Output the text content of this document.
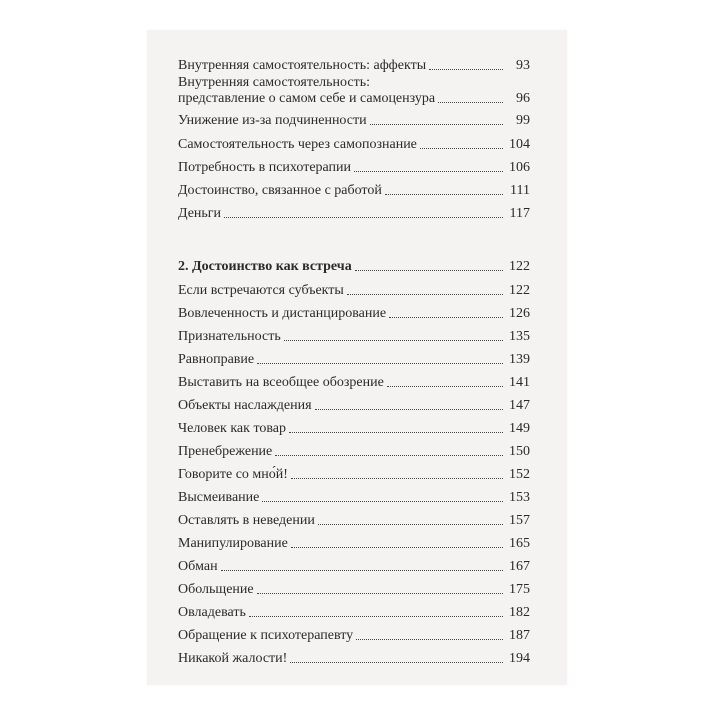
Внутренняя самостоятельность: аффекты	93
Внутренняя самостоятельность:
представление о самом себе и самоцензура	96
Унижение из-за подчиненности	99
Самостоятельность через самопознание	104
Потребность в психотерапии	106
Достоинство, связанное с работой	111
Деньги	117
2. Достоинство как встреча	122
Если встречаются субъекты	122
Вовлеченность и дистанцирование	126
Признательность	135
Равноправие	139
Выставить на всеобщее обозрение	141
Объекты наслаждения	147
Человек как товар	149
Пренебрежение	150
Говорите со мно́й!	152
Высмеивание	153
Оставлять в неведении	157
Манипулирование	165
Обман	167
Обольщение	175
Овладевать	182
Обращение к психотерапевту	187
Никакой жалости!	194
